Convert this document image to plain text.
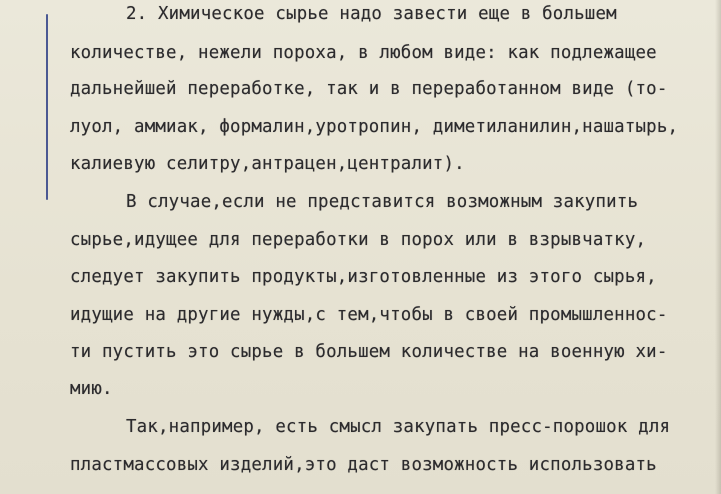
2. Химическое сырье надо завести еще в большем

количестве, нежели пороха, в любом виде: как подлежащее

дальнейшей переработке, так и в переработанном виде (то-

луол, аммиак, формалин,уротропин, диметиланилин,нашатырь,

калиевую селитру,антрацен,централит).

В случае,если не представится возможным закупить

сырье,идущее для переработки в порох или в взрывчатку,

следует закупить продукты,изготовленные из этого сырья,

идущие на другие нужды,с тем,чтобы в своей промышленнос-

ти пустить это сырье в большем количестве на военную хи-

мию.

Так,например, есть смысл закупать пресс-порошок для

пластмассовых изделий,это даст возможность использовать
